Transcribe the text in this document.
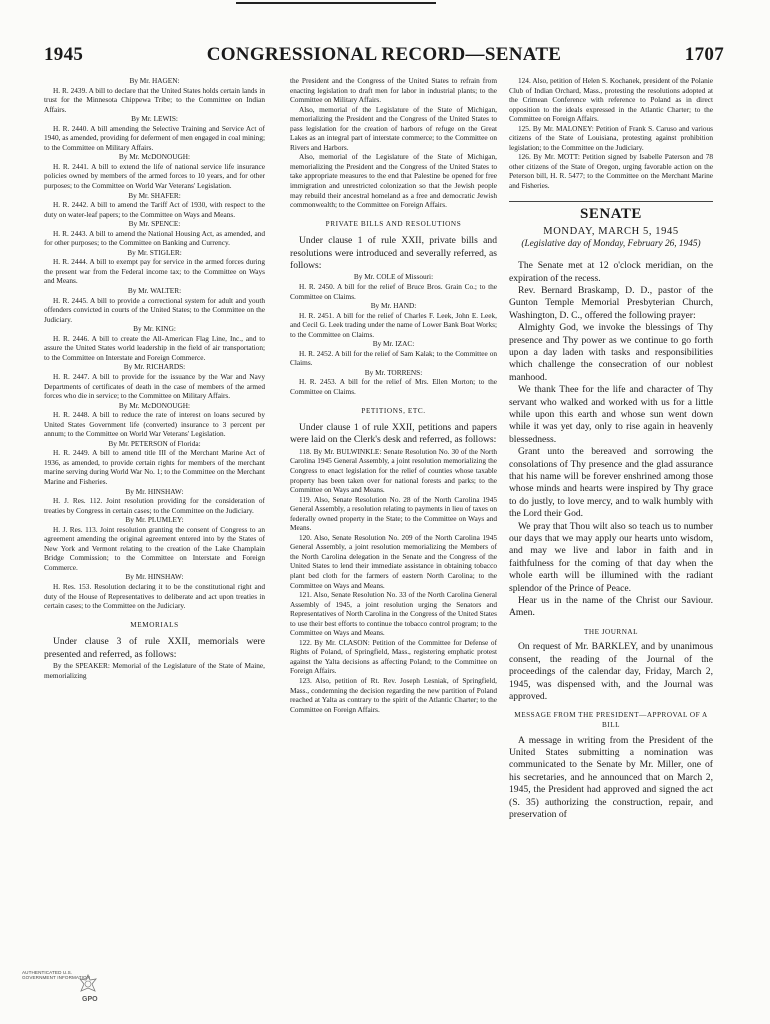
1945	CONGRESSIONAL RECORD—SENATE	1707

By Mr. HAGEN:

H. R. 2439. A bill to declare that the United States holds certain lands in trust for the Minnesota Chippewa Tribe; to the Committee on Indian Affairs.

By Mr. LEWIS:

H. R. 2440. A bill amending the Selective Training and Service Act of 1940, as amended, providing for deferment of men engaged in coal mining; to the Committee on Military Affairs.

By Mr. McDONOUGH:

H. R. 2441. A bill to extend the life of national service life insurance policies owned by members of the armed forces to 10 years, and for other purposes; to the Committee on World War Veterans' Legislation.

By Mr. SHAFER:

H. R. 2442. A bill to amend the Tariff Act of 1930, with respect to the duty on water-leaf papers; to the Committee on Ways and Means.

By Mr. SPENCE:

H. R. 2443. A bill to amend the National Housing Act, as amended, and for other purposes; to the Committee on Banking and Currency.

By Mr. STIGLER:

H. R. 2444. A bill to exempt pay for service in the armed forces during the present war from the Federal income tax; to the Committee on Ways and Means.

By Mr. WALTER:

H. R. 2445. A bill to provide a correctional system for adult and youth offenders convicted in courts of the United States; to the Committee on the Judiciary.

By Mr. KING:

H. R. 2446. A bill to create the All-American Flag Line, Inc., and to assure the United States world leadership in the field of air transportation; to the Committee on Interstate and Foreign Commerce.

By Mr. RICHARDS:

H. R. 2447. A bill to provide for the issuance by the War and Navy Departments of certificates of death in the case of members of the armed forces who die in service; to the Committee on Military Affairs.

By Mr. McDONOUGH:

H. R. 2448. A bill to reduce the rate of interest on loans secured by United States Government life (converted) insurance to 3 percent per annum; to the Committee on World War Veterans' Legislation.

By Mr. PETERSON of Florida:

H. R. 2449. A bill to amend title III of the Merchant Marine Act of 1936, as amended, to provide certain rights for members of the merchant marine serving during World War No. 1; to the Committee on the Merchant Marine and Fisheries.

By Mr. HINSHAW:

H. J. Res. 112. Joint resolution providing for the consideration of treaties by Congress in certain cases; to the Committee on the Judiciary.

By Mr. PLUMLEY:

H. J. Res. 113. Joint resolution granting the consent of Congress to an agreement amending the original agreement entered into by the States of New York and Vermont relating to the creation of the Lake Champlain Bridge Commission; to the Committee on Interstate and Foreign Commerce.

By Mr. HINSHAW:

H. Res. 153. Resolution declaring it to be the constitutional right and duty of the House of Representatives to deliberate and act upon treaties in certain cases; to the Committee on the Judiciary.

MEMORIALS

Under clause 3 of rule XXII, memorials were presented and referred, as follows:

By the SPEAKER: Memorial of the Legislature of the State of Maine, memorializing

the President and the Congress of the United States to refrain from enacting legislation to draft men for labor in industrial plants; to the Committee on Military Affairs.

Also, memorial of the Legislature of the State of Michigan, memorializing the President and the Congress of the United States to pass legislation for the creation of harbors of refuge on the Great Lakes as an integral part of interstate commerce; to the Committee on Rivers and Harbors.

Also, memorial of the Legislature of the State of Michigan, memorializing the President and the Congress of the United States to take appropriate measures to the end that Palestine be opened for free immigration and unrestricted colonization so that the Jewish people may rebuild their ancestral homeland as a free and democratic Jewish commonwealth; to the Committee on Foreign Affairs.

PRIVATE BILLS AND RESOLUTIONS

Under clause 1 of rule XXII, private bills and resolutions were introduced and severally referred, as follows:

By Mr. COLE of Missouri:

H. R. 2450. A bill for the relief of Bruce Bros. Grain Co.; to the Committee on Claims.

By Mr. HAND:

H. R. 2451. A bill for the relief of Charles F. Leek, John E. Leek, and Cecil G. Leek trading under the name of Lower Bank Boat Works; to the Committee on Claims.

By Mr. IZAC:

H. R. 2452. A bill for the relief of Sam Kalak; to the Committee on Claims.

By Mr. TORRENS:

H. R. 2453. A bill for the relief of Mrs. Ellen Morton; to the Committee on Claims.

PETITIONS, ETC.

Under clause 1 of rule XXII, petitions and papers were laid on the Clerk's desk and referred, as follows:

118. By Mr. BULWINKLE: Senate Resolution No. 30 of the North Carolina 1945 General Assembly, a joint resolution memorializing the Congress to enact legislation for the relief of counties whose taxable property has been taken over for national forests and parks; to the Committee on Ways and Means.

119. Also, Senate Resolution No. 28 of the North Carolina 1945 General Assembly, a resolution relating to payments in lieu of taxes on federally owned property in the State; to the Committee on Ways and Means.

120. Also, Senate Resolution No. 209 of the North Carolina 1945 General Assembly, a joint resolution memorializing the Members of the North Carolina delegation in the Senate and the Congress of the United States to lend their immediate assistance in obtaining tobacco plant bed cloth for the farmers of eastern North Carolina; to the Committee on Ways and Means.

121. Also, Senate Resolution No. 33 of the North Carolina General Assembly of 1945, a joint resolution urging the Senators and Representatives of North Carolina in the Congress of the United States to use their best efforts to continue the tobacco control program; to the Committee on Ways and Means.

122. By Mr. CLASON: Petition of the Committee for Defense of Rights of Poland, of Springfield, Mass., registering emphatic protest against the Yalta decisions as affecting Poland; to the Committee on Foreign Affairs.

123. Also, petition of Rt. Rev. Joseph Lesniak, of Springfield, Mass., condemning the decision regarding the new partition of Poland reached at Yalta as contrary to the spirit of the Atlantic Charter; to the Committee on Foreign Affairs.

124. Also, petition of Helen S. Kochanek, president of the Polanie Club of Indian Orchard, Mass., protesting the resolutions adopted at the Crimean Conference with reference to Poland as in direct opposition to the ideals expressed in the Atlantic Charter; to the Committee on Foreign Affairs.

125. By Mr. MALONEY: Petition of Frank S. Caruso and various citizens of the State of Louisiana, protesting against prohibition legislation; to the Committee on the Judiciary.

126. By Mr. MOTT: Petition signed by Isabelle Paterson and 78 other citizens of the State of Oregon, urging favorable action on the Peterson bill, H. R. 5477; to the Committee on the Merchant Marine and Fisheries.

SENATE
MONDAY, MARCH 5, 1945
(Legislative day of Monday, February 26, 1945)

The Senate met at 12 o'clock meridian, on the expiration of the recess.

Rev. Bernard Braskamp, D. D., pastor of the Gunton Temple Memorial Presbyterian Church, Washington, D. C., offered the following prayer:

Almighty God, we invoke the blessings of Thy presence and Thy power as we continue to go forth upon a day laden with tasks and responsibilities which challenge the consecration of our noblest manhood.

We thank Thee for the life and character of Thy servant who walked and worked with us for a little while upon this earth and whose sun went down while it was yet day, only to rise again in heavenly blessedness.

Grant unto the bereaved and sorrowing the consolations of Thy presence and the glad assurance that his name will be forever enshrined among those whose minds and hearts were inspired by Thy grace to do justly, to love mercy, and to walk humbly with the Lord their God.

We pray that Thou wilt also so teach us to number our days that we may apply our hearts unto wisdom, and may we live and labor in faith and in faithfulness for the coming of that day when the whole earth will be illumined with the radiant splendor of the Prince of Peace.

Hear us in the name of the Christ our Saviour. Amen.

THE JOURNAL

On request of Mr. BARKLEY, and by unanimous consent, the reading of the Journal of the proceedings of the calendar day, Friday, March 2, 1945, was dispensed with, and the Journal was approved.

MESSAGE FROM THE PRESIDENT—APPROVAL OF A BILL

A message in writing from the President of the United States submitting a nomination was communicated to the Senate by Mr. Miller, one of his secretaries, and he announced that on March 2, 1945, the President had approved and signed the act (S. 35) authorizing the construction, repair, and preservation of

AUTHENTICATED U.S. GOVERNMENT INFORMATION
GPO
